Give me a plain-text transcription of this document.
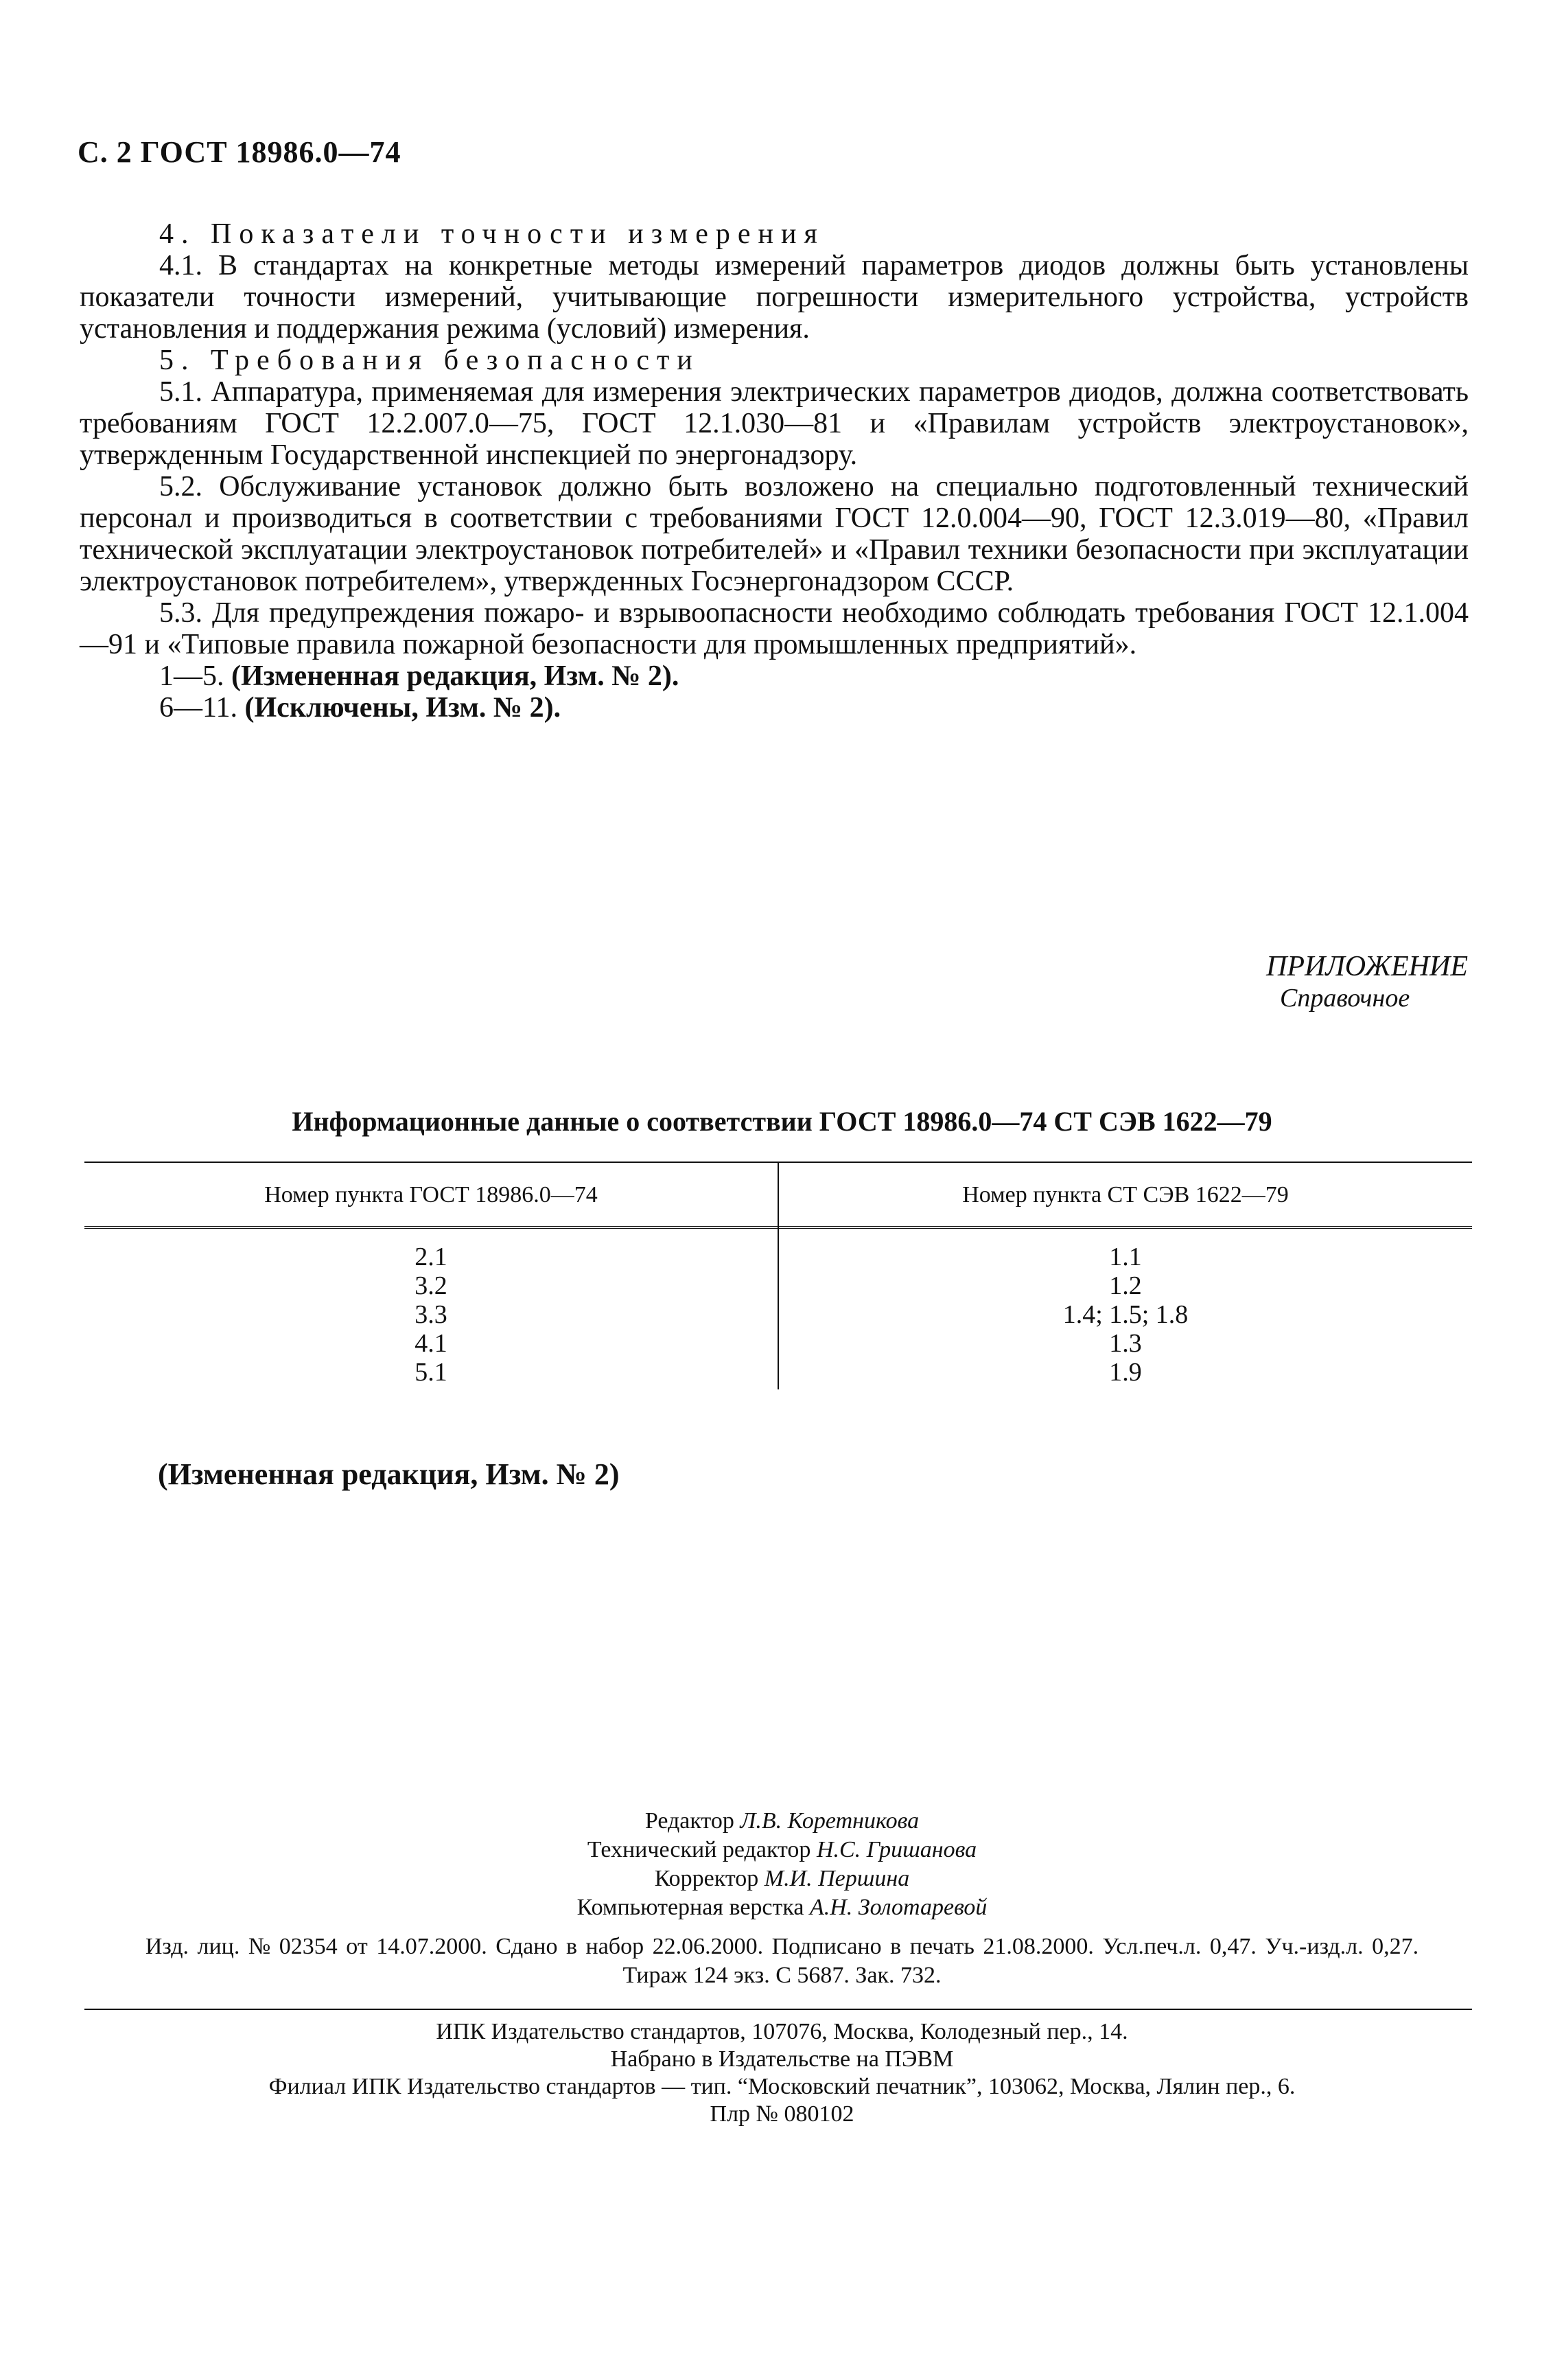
С. 2 ГОСТ 18986.0—74

4. Показатели точности измерения

4.1. В стандартах на конкретные методы измерений параметров диодов должны быть установлены показатели точности измерений, учитывающие погрешности измерительного устройства, устройств установления и поддержания режима (условий) измерения.

5. Требования безопасности

5.1. Аппаратура, применяемая для измерения электрических параметров диодов, должна соответствовать требованиям ГОСТ 12.2.007.0—75, ГОСТ 12.1.030—81 и «Правилам устройств электроустановок», утвержденным Государственной инспекцией по энергонадзору.

5.2. Обслуживание установок должно быть возложено на специально подготовленный технический персонал и производиться в соответствии с требованиями ГОСТ 12.0.004—90, ГОСТ 12.3.019—80, «Правил технической эксплуатации электроустановок потребителей» и «Правил техники безопасности при эксплуатации электроустановок потребителем», утвержденных Госэнергонадзором СССР.

5.3. Для предупреждения пожаро- и взрывоопасности необходимо соблюдать требования ГОСТ 12.1.004—91 и «Типовые правила пожарной безопасности для промышленных предприятий».

1—5. (Измененная редакция, Изм. № 2).

6—11. (Исключены, Изм. № 2).

ПРИЛОЖЕНИЕ
Справочное
Информационные данные о соответствии ГОСТ 18986.0—74 СТ СЭВ 1622—79
Номер пункта ГОСТ 18986.0—74	Номер пункта СТ СЭВ 1622—79
2.1
3.2
3.3
4.1
5.1
1.1
1.2
1.4; 1.5; 1.8
1.3
1.9
(Измененная редакция, Изм. № 2)
Редактор Л.В. Коретникова
Технический редактор Н.С. Гришанова
Корректор М.И. Першина
Компьютерная верстка А.Н. Золотаревой
Изд. лиц. № 02354 от 14.07.2000. Сдано в набор 22.06.2000. Подписано в печать 21.08.2000. Усл.печ.л. 0,47. Уч.-изд.л. 0,27.
Тираж 124 экз. С 5687. Зак. 732.
ИПК Издательство стандартов, 107076, Москва, Колодезный пер., 14.
Набрано в Издательстве на ПЭВМ
Филиал ИПК Издательство стандартов — тип. “Московский печатник”, 103062, Москва, Лялин пер., 6.
Плр № 080102
